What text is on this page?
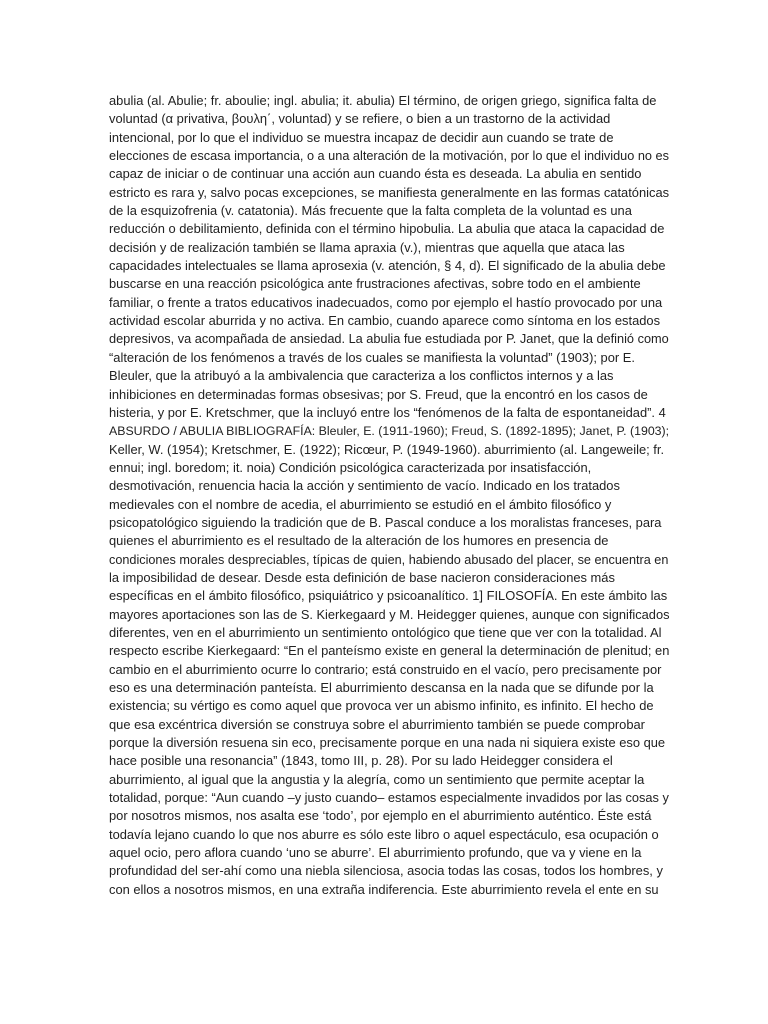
abulia (al. Abulie; fr. aboulie; ingl. abulia; it. abulia) El término, de origen griego, significa falta de
voluntad (α privativa, βουλη΄, voluntad) y se refiere, o bien a un trastorno de la actividad
intencional, por lo que el individuo se muestra incapaz de decidir aun cuando se trate de
elecciones de escasa importancia, o a una alteración de la motivación, por lo que el individuo no es
capaz de iniciar o de continuar una acción aun cuando ésta es deseada. La abulia en sentido
estricto es rara y, salvo pocas excepciones, se manifiesta generalmente en las formas catatónicas
de la esquizofrenia (v. catatonia). Más frecuente que la falta completa de la voluntad es una
reducción o debilitamiento, definida con el término hipobulia. La abulia que ataca la capacidad de
decisión y de realización también se llama apraxia (v.), mientras que aquella que ataca las
capacidades intelectuales se llama aprosexia (v. atención, § 4, d). El significado de la abulia debe
buscarse en una reacción psicológica ante frustraciones afectivas, sobre todo en el ambiente
familiar, o frente a tratos educativos inadecuados, como por ejemplo el hastío provocado por una
actividad escolar aburrida y no activa. En cambio, cuando aparece como síntoma en los estados
depresivos, va acompañada de ansiedad. La abulia fue estudiada por P. Janet, que la definió como
“alteración de los fenómenos a través de los cuales se manifiesta la voluntad” (1903); por E.
Bleuler, que la atribuyó a la ambivalencia que caracteriza a los conflictos internos y a las
inhibiciones en determinadas formas obsesivas; por S. Freud, que la encontró en los casos de
histeria, y por E. Kretschmer, que la incluyó entre los “fenómenos de la falta de espontaneidad”. 4
ABSURDO / ABULIA BIBLIOGRAFÍA: Bleuler, E. (1911-1960); Freud, S. (1892-1895); Janet, P. (1903);
Keller, W. (1954); Kretschmer, E. (1922); Ricœur, P. (1949-1960). aburrimiento (al. Langeweile; fr.
ennui; ingl. boredom; it. noia) Condición psicológica caracterizada por insatisfacción,
desmotivación, renuencia hacia la acción y sentimiento de vacío. Indicado en los tratados
medievales con el nombre de acedia, el aburrimiento se estudió en el ámbito filosófico y
psicopatológico siguiendo la tradición que de B. Pascal conduce a los moralistas franceses, para
quienes el aburrimiento es el resultado de la alteración de los humores en presencia de
condiciones morales despreciables, típicas de quien, habiendo abusado del placer, se encuentra en
la imposibilidad de desear. Desde esta definición de base nacieron consideraciones más
específicas en el ámbito filosófico, psiquiátrico y psicoanalítico. 1] FILOSOFÍA. En este ámbito las
mayores aportaciones son las de S. Kierkegaard y M. Heidegger quienes, aunque con significados
diferentes, ven en el aburrimiento un sentimiento ontológico que tiene que ver con la totalidad. Al
respecto escribe Kierkegaard: “En el panteísmo existe en general la determinación de plenitud; en
cambio en el aburrimiento ocurre lo contrario; está construido en el vacío, pero precisamente por
eso es una determinación panteísta. El aburrimiento descansa en la nada que se difunde por la
existencia; su vértigo es como aquel que provoca ver un abismo infinito, es infinito. El hecho de
que esa excéntrica diversión se construya sobre el aburrimiento también se puede comprobar
porque la diversión resuena sin eco, precisamente porque en una nada ni siquiera existe eso que
hace posible una resonancia” (1843, tomo III, p. 28). Por su lado Heidegger considera el
aburrimiento, al igual que la angustia y la alegría, como un sentimiento que permite aceptar la
totalidad, porque: “Aun cuando –y justo cuando– estamos especialmente invadidos por las cosas y
por nosotros mismos, nos asalta ese ‘todo’, por ejemplo en el aburrimiento auténtico. Éste está
todavía lejano cuando lo que nos aburre es sólo este libro o aquel espectáculo, esa ocupación o
aquel ocio, pero aflora cuando ‘uno se aburre’. El aburrimiento profundo, que va y viene en la
profundidad del ser-ahí como una niebla silenciosa, asocia todas las cosas, todos los hombres, y
con ellos a nosotros mismos, en una extraña indiferencia. Este aburrimiento revela el ente en su
